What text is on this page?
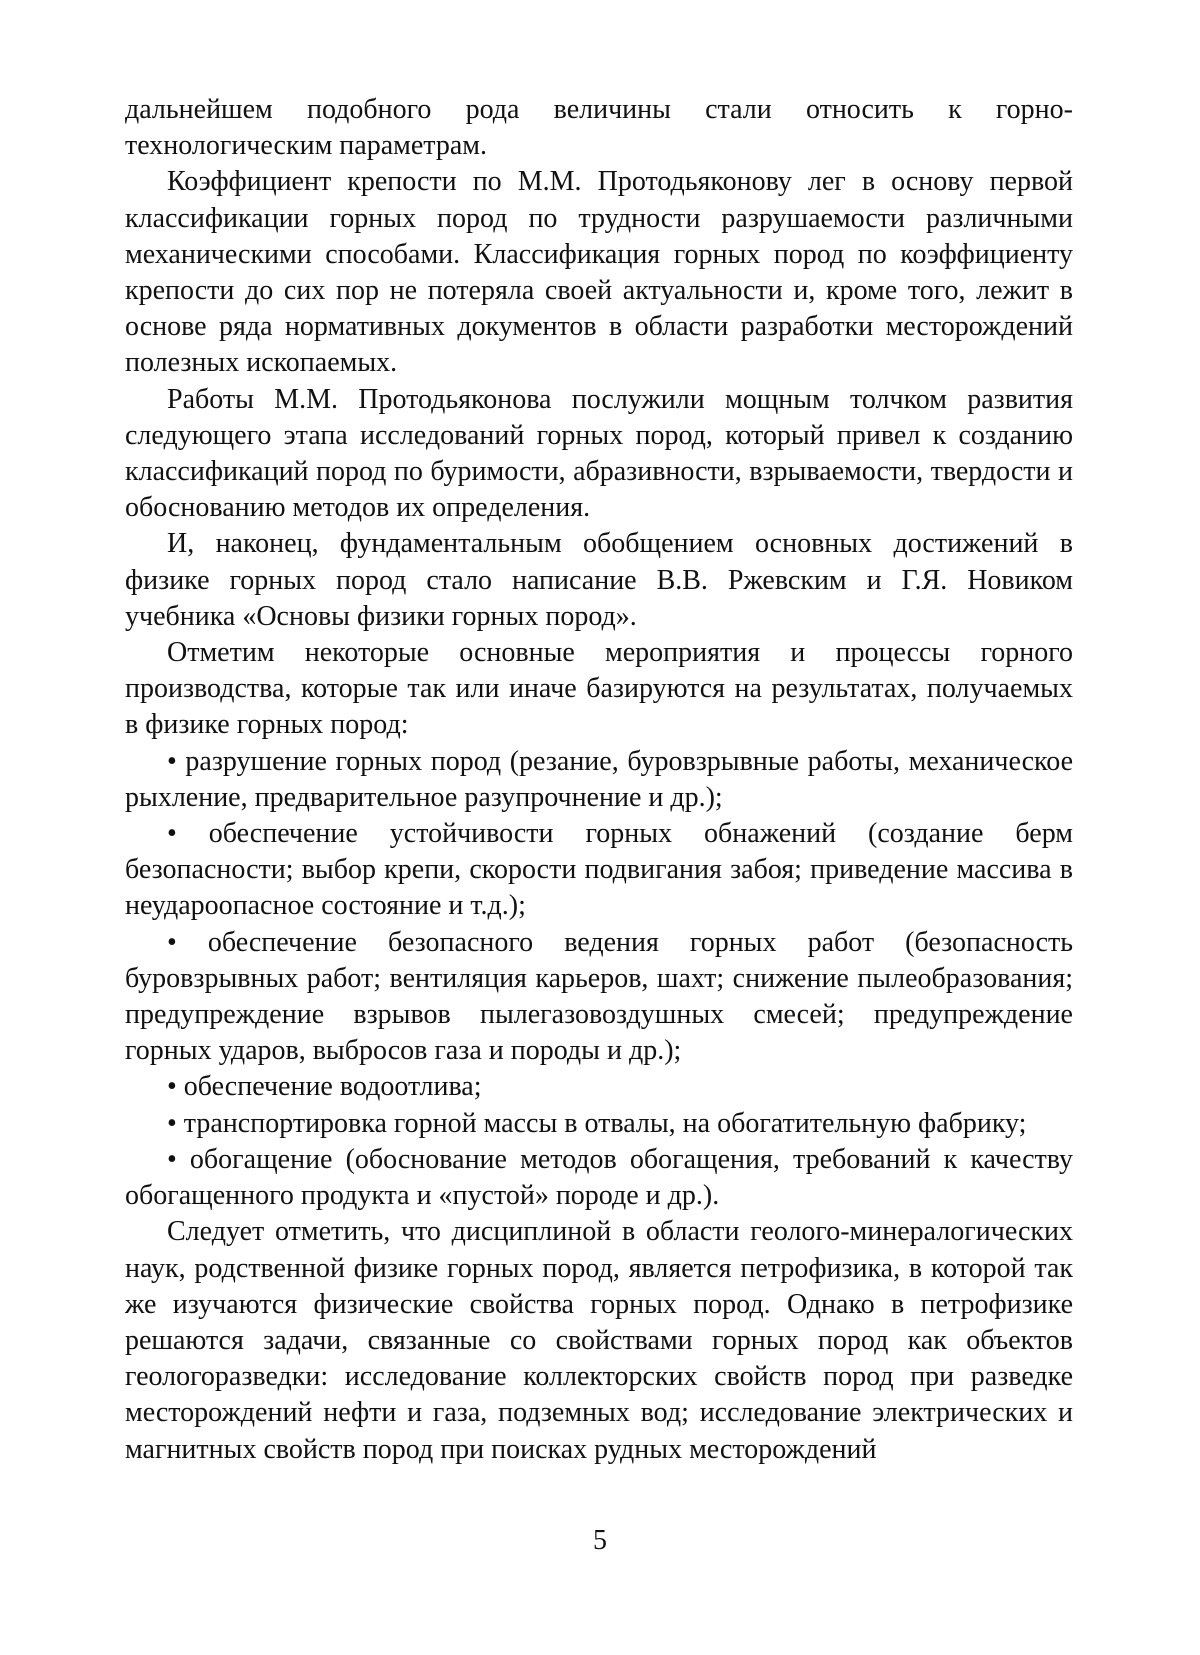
дальнейшем подобного рода величины стали относить к горно-технологическим параметрам.

Коэффициент крепости по М.М. Протодьяконову лег в основу первой классификации горных пород по трудности разрушаемости различными механическими способами. Классификация горных пород по коэффициенту крепости до сих пор не потеряла своей актуальности и, кроме того, лежит в основе ряда нормативных документов в области разработки месторождений полезных ископаемых.

Работы М.М. Протодьяконова послужили мощным толчком развития следующего этапа исследований горных пород, который привел к созданию классификаций пород по буримости, абразивности, взрываемости, твердости и обоснованию методов их определения.

И, наконец, фундаментальным обобщением основных достижений в физике горных пород стало написание В.В. Ржевским и Г.Я. Новиком учебника «Основы физики горных пород».

Отметим некоторые основные мероприятия и процессы горного производства, которые так или иначе базируются на результатах, получаемых в физике горных пород:

• разрушение горных пород (резание, буровзрывные работы, механическое рыхление, предварительное разупрочнение и др.);

• обеспечение устойчивости горных обнажений (создание берм безопасности; выбор крепи, скорости подвигания забоя; приведение массива в неудароопасное состояние и т.д.);

• обеспечение безопасного ведения горных работ (безопасность буровзрывных работ; вентиляция карьеров, шахт; снижение пылеобразования; предупреждение взрывов пылегазовоздушных смесей; предупреждение горных ударов, выбросов газа и породы и др.);

• обеспечение водоотлива;

• транспортировка горной массы в отвалы, на обогатительную фабрику;

• обогащение (обоснование методов обогащения, требований к качеству обогащенного продукта и «пустой» породе и др.).

Следует отметить, что дисциплиной в области геолого-минералогических наук, родственной физике горных пород, является петрофизика, в которой так же изучаются физические свойства горных пород. Однако в петрофизике решаются задачи, связанные со свойствами горных пород как объектов геологоразведки: исследование коллекторских свойств пород при разведке месторождений нефти и газа, подземных вод; исследование электрических и магнитных свойств пород при поисках рудных месторождений

5
